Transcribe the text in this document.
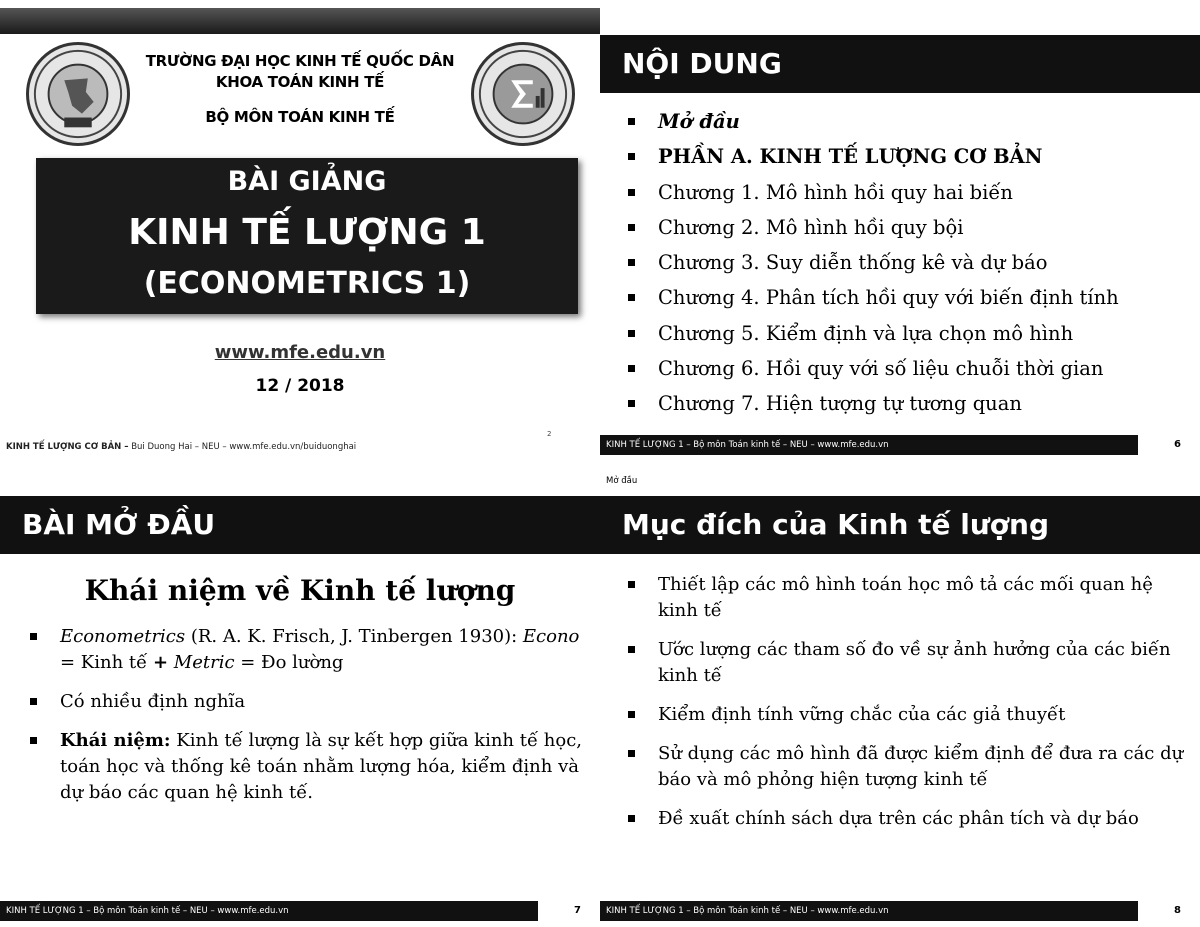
TRƯỜNG ĐẠI HỌC KINH TẾ QUỐC DÂN
KHOA TOÁN KINH TẾ
BỘ MÔN TOÁN KINH TẾ
BÀI GIẢNG
KINH TẾ LƯỢNG 1
(ECONOMETRICS 1)
www.mfe.edu.vn
12 / 2018
KINH TẾ LƯỢNG CƠ BẢN – Bui Duong Hai – NEU – www.mfe.edu.vn/buiduonghai
2
NỘI DUNG
Mở đầu
PHẦN A. KINH TẾ LƯỢNG CƠ BẢN
Chương 1. Mô hình hồi quy hai biến
Chương 2. Mô hình hồi quy bội
Chương 3. Suy diễn thống kê và dự báo
Chương 4. Phân tích hồi quy với biến định tính
Chương 5. Kiểm định và lựa chọn mô hình
Chương 6. Hồi quy với số liệu chuỗi thời gian
Chương 7. Hiện tượng tự tương quan
KINH TẾ LƯỢNG 1 – Bộ môn Toán kinh tế – NEU – www.mfe.edu.vn	6
BÀI MỞ ĐẦU
Khái niệm về Kinh tế lượng
Econometrics (R. A. K. Frisch, J. Tinbergen 1930): Econo = Kinh tế + Metric = Đo lường
Có nhiều định nghĩa
Khái niệm: Kinh tế lượng là sự kết hợp giữa kinh tế học, toán học và thống kê toán nhằm lượng hóa, kiểm định và dự báo các quan hệ kinh tế.
KINH TẾ LƯỢNG 1 – Bộ môn Toán kinh tế – NEU – www.mfe.edu.vn	7
Mở đầu
Mục đích của Kinh tế lượng
Thiết lập các mô hình toán học mô tả các mối quan hệ kinh tế
Ước lượng các tham số đo về sự ảnh hưởng của các biến kinh tế
Kiểm định tính vững chắc của các giả thuyết
Sử dụng các mô hình đã được kiểm định để đưa ra các dự báo và mô phỏng hiện tượng kinh tế
Đề xuất chính sách dựa trên các phân tích và dự báo
KINH TẾ LƯỢNG 1 – Bộ môn Toán kinh tế – NEU – www.mfe.edu.vn	8
